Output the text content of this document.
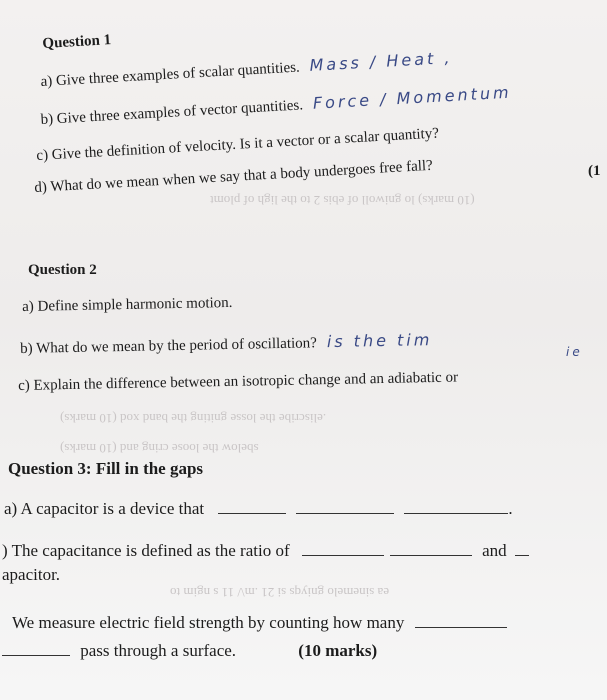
(10 marks) lo gniwoll of ebis 2 to the ligh of plomt
.eliscribe the losse gniting the band xod (10 marks)
sbelow the loose cring and (10 marks)
ea sinemelo gniyqs si 21 .m\/ 11 s ngim to
Question 1
a) Give three examples of scalar quantities. Mass / Heat ,
b) Give three examples of vector quantities. Force / Momentum
c) Give the definition of velocity. Is it a vector or a scalar quantity?
d) What do we mean when we say that a body undergoes free fall?	(1
Question 2
a) Define simple harmonic motion.
b) What do we mean by the period of oscillation? is the tim
ie
c) Explain the difference between an isotropic change and an adiabatic or
Question 3: Fill in the gaps
a) A capacitor is a device that	.
) The capacitance is defined as the ratio of	and
apacitor.
We measure electric field strength by counting how many
pass through a surface.	(10 marks)
